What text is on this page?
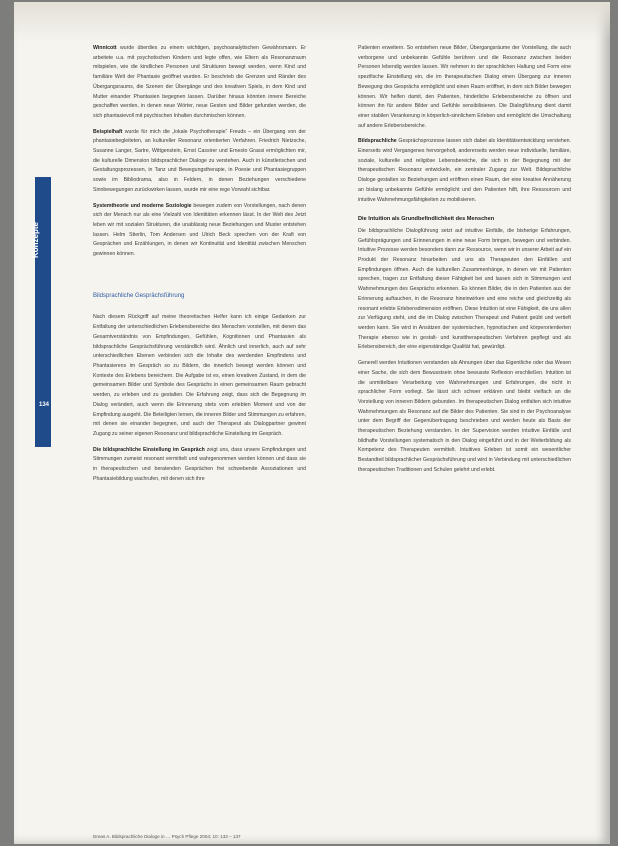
Konzepte
134

Winnicott wurde überdies zu einem wichtigen, psychoanalytischen Gewährsmann. Er arbeitete u.a. mit psychotischen Kindern und legte offen, wie Eltern als Resonanzraum mitspielen, wie die kindlichen Personen und Strukturen bewegt werden, wenn Kind und familiäre Welt der Phantasie geöffnet wurden. Er beschrieb die Grenzen und Ränder des Übergangsraums, die Szenen der Übergänge und des kreativen Spiels, in dem Kind und Mutter einander Phantasien begegnen lassen. Darüber hinaus könnten innere Bereiche geschaffen werden, in denen neue Wörter, neue Gesten und Bilder gefunden werden, die sich phantasievoll mit psychischen Inhalten durchmischen können.

Beispielhaft wurde für mich die „lokale Psychotherapie“ Freuds – ein Übergang von der phantasiebegleiteten, an kultureller Resonanz orientierten Verfahren. Friedrich Nietzsche, Susanne Langer, Sartre, Wittgenstein, Ernst Cassirer und Ernesto Grassi ermöglichten mir, die kulturelle Dimension bildsprachlicher Dialoge zu verstehen. Auch in künstlerischen und Gestaltungsprozessen, in Tanz und Bewegungstherapie, in Poesie und Phantasiegruppen sowie im Bibliodrama, also in Feldern, in denen Beziehungen verschiedene Sinnbewegungen zurückwirken lassen, wurde mir eine rege Vorwahl sichtbar.

Systemtheorie und moderne Soziologie bewegen zudem von Vorstellungen, nach denen sich der Mensch nur als eine Vielzahl von Identitäten erkennen lässt. In der Welt des Jetzt leben wir mit sozialen Strukturen, die unablässig neue Beziehungen und Muster entstehen lassen. Helm Stierlin, Tom Andersen und Ulrich Beck sprechen von der Kraft von Gesprächen und Erzählungen, in denen wir Kontinuität und Identität zwischen Menschen gewinnen können.

Bildsprachliche Gesprächsführung

Nach diesem Rückgriff auf meine theoretischen Helfer kann ich einige Gedanken zur Entfaltung der unterschiedlichen Erlebensbereiche des Menschen vorstellen, mit denen das Gesamtverständnis von Empfindungen, Gefühlen, Kognitionen und Phantasien als bildsprachliche Gesprächsführung verständlich wird. Ähnlich und innerlich, auch auf sehr unterschiedlichen Ebenen verbinden sich die Inhalte des werdenden Empfindens und Phantasierens im Gespräch so zu Bildern, die innerlich bewegt werden können und Kontexte des Erlebens bereichern. Die Aufgabe ist es, einen kreativen Zustand, in dem die gemeinsamen Bilder und Symbole des Gesprächs in einen gemeinsamen Raum gebracht werden, zu erleben und zu gestalten. Die Erfahrung zeigt, dass sich die Begegnung im Dialog verändert, auch wenn die Erinnerung stets vom erlebten Moment und von der Empfindung ausgeht. Die Beteiligten lernen, die inneren Bilder und Stimmungen zu erfahren, mit denen sie einander begegnen, und auch der Therapeut als Dialogpartner gewinnt Zugang zu seiner eigenen Resonanz und bildsprachliche Einstellung im Gespräch.

Die bildsprachliche Einstellung im Gespräch zeigt uns, dass unsere Empfindungen und Stimmungen zumeist resonant vermittelt und wahrgenommen werden können und dass sie in therapeutischen und beratenden Gesprächen frei schwebende Assoziationen und Phantasiebildung wachrufen, mit denen sich ihre

Patienten erweitern. So entstehen neue Bilder, Übergangsräume der Vorstellung, die auch verborgene und unbekannte Gefühle berühren und die Resonanz zwischen beiden Personen lebendig werden lassen. Wir nehmen in der sprachlichen Haltung und Form eine spezifische Einstellung ein, die im therapeutischen Dialog einen Übergang zur inneren Bewegung des Gesprächs ermöglicht und einen Raum eröffnet, in dem sich Bilder bewegen können. Wir helfen damit, den Patienten, hinderliche Erlebensbereiche zu öffnen und können ihn für andere Bilder und Gefühle sensibilisieren. Die Dialogführung dient damit einer stabilen Verankerung in körperlich-sinnlichem Erleben und ermöglicht die Umschaltung auf andere Erlebensbereiche.

Bildsprachliche Gesprächsprozesse lassen sich dabei als Identitätsentwicklung verstehen. Einerseits wird Vergangenes hervorgeholt, andererseits werden neue individuelle, familiäre, soziale, kulturelle und religiöse Lebensbereiche, die sich in der Begegnung mit der therapeutischen Resonanz entwickeln, ein zentraler Zugang zur Welt. Bildsprachliche Dialoge gestalten so Beziehungen und eröffnen einen Raum, der eine kreative Annäherung an bislang unbekannte Gefühle ermöglicht und den Patienten hilft, ihre Ressourcen und intuitive Wahrnehmungsfähigkeiten zu mobilisieren.

Die Intuition als Grundbefindlichkeit des Menschen

Die bildsprachliche Dialogführung setzt auf intuitive Einfälle, die bisherige Erfahrungen, Gefühlsprägungen und Erinnerungen in eine neue Form bringen, bewegen und verbinden. Intuitive Prozesse werden besonders dann zur Ressource, wenn wir in unserer Arbeit auf ein Produkt der Resonanz hinarbeiten und uns als Therapeuten den Einfällen und Empfindungen öffnen. Auch die kulturellen Zusammenhänge, in denen wir mit Patienten sprechen, tragen zur Entfaltung dieser Fähigkeit bei und lassen sich in Stimmungen und Wahrnehmungen des Gesprächs erkennen. Es können Bilder, die in den Patienten aus der Erinnerung auftauchen, in die Resonanz hineinwirken und eine reiche und gleichzeitig als resonant erlebte Erlebensdimension eröffnen. Diese Intuition ist eine Fähigkeit, die uns allen zur Verfügung steht, und die im Dialog zwischen Therapeut und Patient geübt und vertieft werden kann. Sie wird in Ansätzen der systemischen, hypnotischen und körperorientierten Therapie ebenso wie in gestalt- und kunsttherapeutischen Verfahren gepflegt und als Erlebensbereich, der eine eigenständige Qualität hat, gewürdigt.

Generell werden Intuitionen verstanden als Ahnungen über das Eigentliche oder das Wesen einer Sache, die sich dem Bewusstsein ohne bewusste Reflexion erschließen. Intuition ist die unmittelbare Verarbeitung von Wahrnehmungen und Erfahrungen, die nicht in sprachlicher Form vorliegt. Sie lässt sich schwer erklären und bleibt vielfach an die Vorstellung von inneren Bildern gebunden. Im therapeutischen Dialog entfalten sich intuitive Wahrnehmungen als Resonanz auf die Bilder des Patienten. Sie sind in der Psychoanalyse unter dem Begriff der Gegenübertragung beschrieben und werden heute als Basis der therapeutischen Beziehung verstanden. In der Supervision werden intuitive Einfälle und bildhafte Vorstellungen systematisch in den Dialog eingeführt und in der Weiterbildung als Kompetenz des Therapeuten vermittelt. Intuitives Erleben ist somit ein wesentlicher Bestandteil bildsprachlicher Gesprächsführung und wird in Verbindung mit unterschiedlichen therapeutischen Traditionen und Schulen gelehrt und erlebt.

Dreas A. Bildsprachliche Dialoge in … Psych Pflege 2004; 10: 133 – 137
